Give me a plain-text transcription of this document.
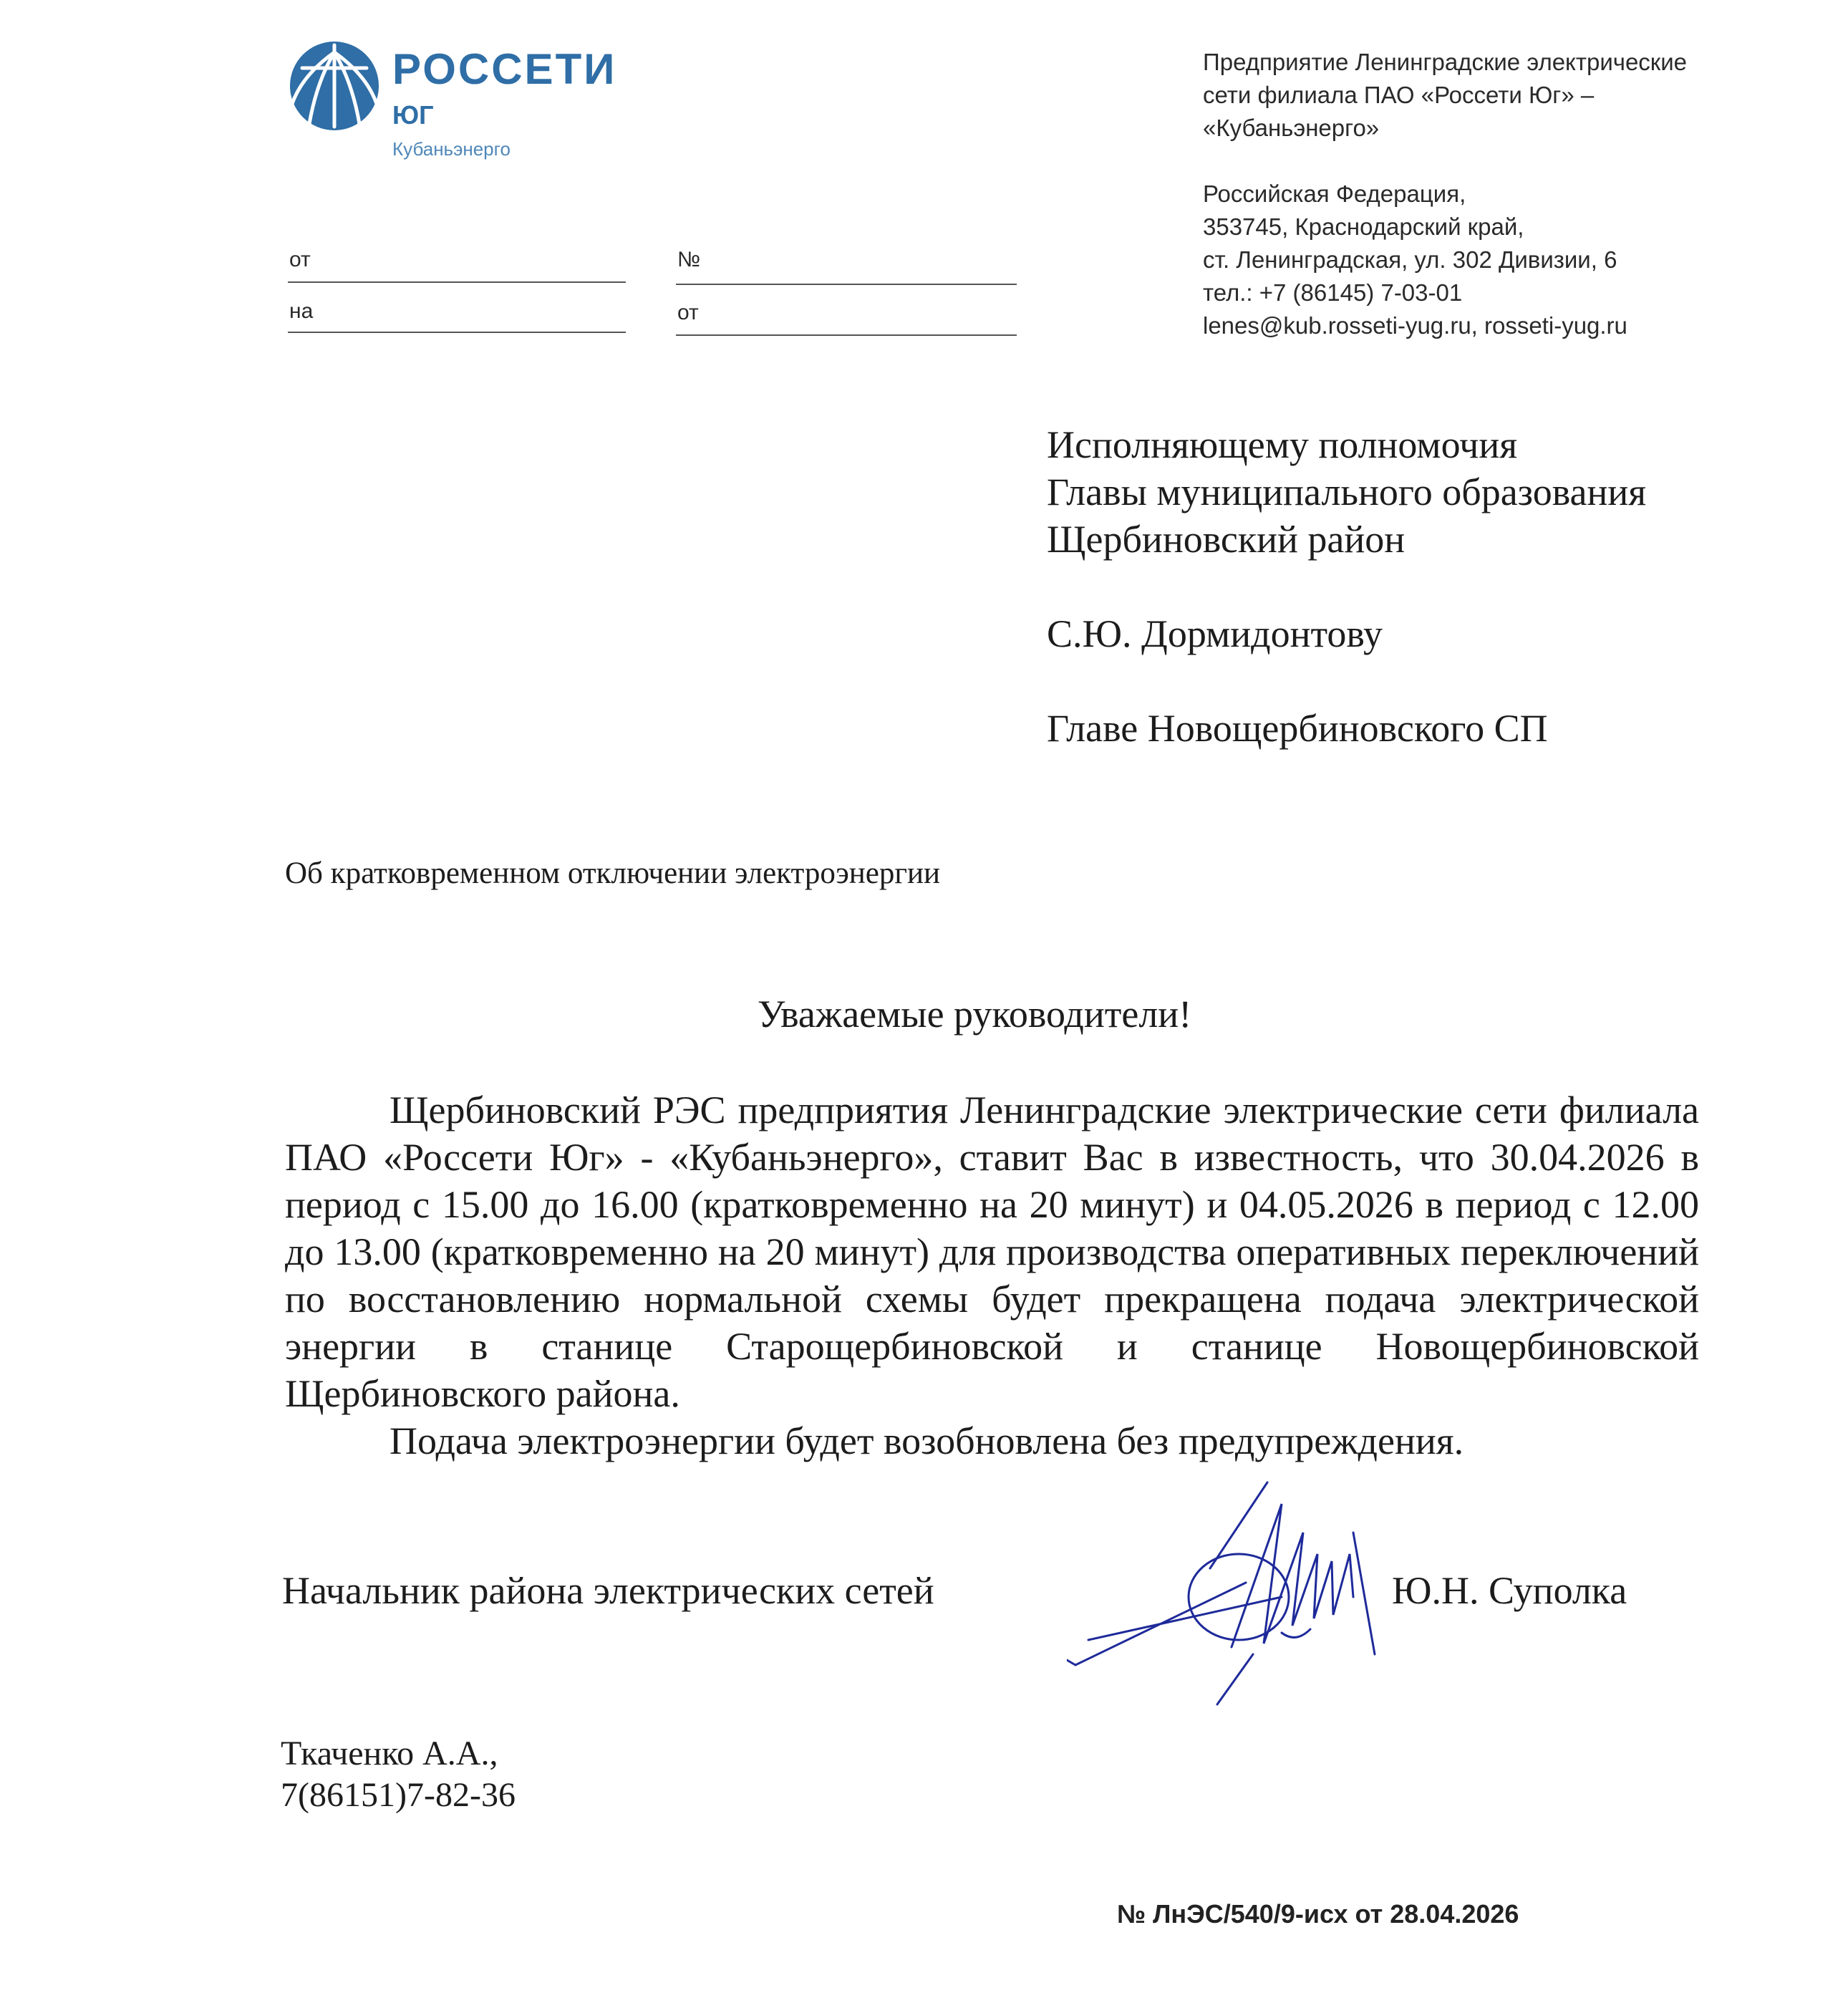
РОССЕТИ
ЮГ
Кубаньэнерго
Предприятие Ленинградские электрические
сети филиала ПАО «Россети Юг» –
«Кубаньэнерго»
Российская Федерация,
353745, Краснодарский край,
ст. Ленинградская, ул. 302 Дивизии, 6
тел.: +7 (86145) 7-03-01
lenes@kub.rosseti-yug.ru, rosseti-yug.ru
от	№
на	от
Исполняющему полномочия
Главы муниципального образования
Щербиновский район
С.Ю. Дормидонтову
Главе Новощербиновского СП
Об кратковременном отключении электроэнергии
Уважаемые руководители!

Щербиновский РЭС предприятия Ленинградские электрические сети филиала ПАО «Россети Юг» - «Кубаньэнерго», ставит Вас в известность, что 30.04.2026 в период с 15.00 до 16.00 (кратковременно на 20 минут) и 04.05.2026 в период с 12.00 до 13.00 (кратковременно на 20 минут) для производства оперативных переключений по восстановлению нормальной схемы будет прекращена подача электрической энергии в станице Старощербиновской и станице Новощербиновской Щербиновского района.

Подача электроэнергии будет возобновлена без предупреждения.

Начальник района электрических сетей	Ю.Н. Суполка
Ткаченко А.А.,
7(86151)7-82-36
№ ЛнЭС/540/9-исх от 28.04.2026
